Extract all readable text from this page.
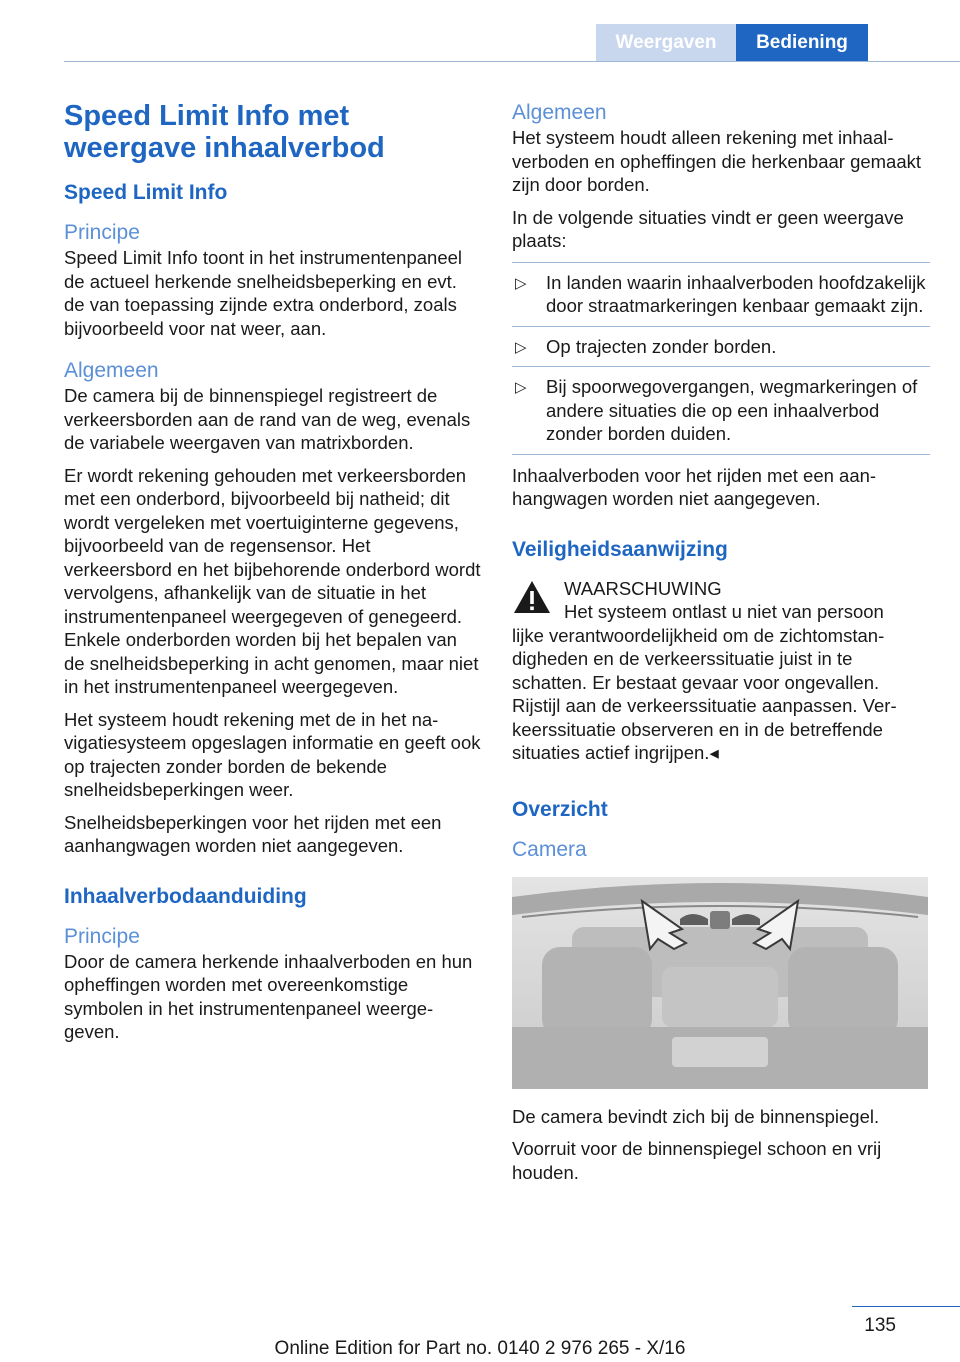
Weergaven	Bediening
Speed Limit Info met weergave inhaalverbod
Speed Limit Info
Principe

Speed Limit Info toont in het instrumentenpaneel de actueel herkende snelheidsbeperking en evt. de van toepassing zijnde extra onderbord, zoals bijvoorbeeld voor nat weer, aan.

Algemeen

De camera bij de binnenspiegel registreert de verkeersborden aan de rand van de weg, evenals de variabele weergaven van matrixborden.

Er wordt rekening gehouden met verkeersborden met een onderbord, bijvoorbeeld bij natheid; dit wordt vergeleken met voertuiginterne gegevens, bijvoorbeeld van de regensensor. Het verkeersbord en het bijbehorende onderbord wordt vervolgens, afhankelijk van de situatie in het instrumentenpaneel weergegeven of genegeerd. Enkele onderborden worden bij het bepalen van de snelheidsbeperking in acht genomen, maar niet in het instrumentenpaneel weergegeven.

Het systeem houdt rekening met de in het navigatiesysteem opgeslagen informatie en geeft ook op trajecten zonder borden de bekende snelheidsbeperkingen weer.

Snelheidsbeperkingen voor het rijden met een aanhangwagen worden niet aangegeven.

Inhaalverbodaanduiding
Principe

Door de camera herkende inhaalverboden en hun opheffingen worden met overeenkomstige symbolen in het instrumentenpaneel weergegeven.

Algemeen

Het systeem houdt alleen rekening met inhaalverboden en opheffingen die herkenbaar gemaakt zijn door borden.

In de volgende situaties vindt er geen weergave plaats:

▷ In landen waarin inhaalverboden hoofdzakelijk door straatmarkeringen kenbaar gemaakt zijn.
▷ Op trajecten zonder borden.
▷ Bij spoorwegovergangen, wegmarkeringen of andere situaties die op een inhaalverbod zonder borden duiden.

Inhaalverboden voor het rijden met een aanhangwagen worden niet aangegeven.

Veiligheidsaanwijzing

WAARSCHUWING

Het systeem ontlast u niet van persoon

lijke verantwoordelijkheid om de zichtomstandigheden en de verkeerssituatie juist in te schatten. Er bestaat gevaar voor ongevallen. Rijstijl aan de verkeerssituatie aanpassen. Verkeerssituatie observeren en in de betreffende situaties actief ingrijpen.◂

Overzicht
Camera

De camera bevindt zich bij de binnenspiegel.

Voorruit voor de binnenspiegel schoon en vrij houden.

135
Online Edition for Part no. 0140 2 976 265 - X/16
